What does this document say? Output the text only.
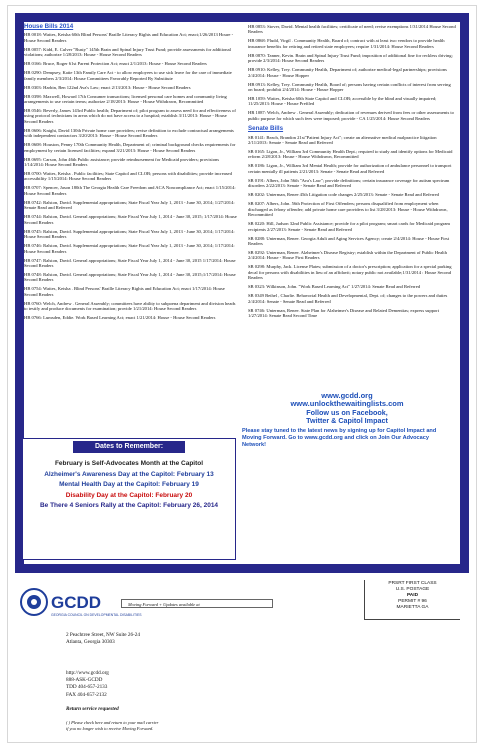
House Bills 2014
HB 0018: Waites, Keisha 60th Blind Persons' Braille Literacy Rights and Education Act; enact;1/26/2013 Houre - House Second Readers
HB 0057: Kidd, E. Culver "Rusty" 145th Brain and Spinal Injury Trust Fund; provide assessments for additional violations; authorize 1/28/2013: House - House Second Readers
HB 0166: Bruce, Roger 61st Parent Protection Act; enact 2/1/2013: House - House Second Readers
HB 0290: Dempsey, Katie 13th Family Care Act - to allow employees to use sick leave for the care of immediate family members 2/3/2014: House Committees Favorably Reported By Substitute
HB 0303: Harbin, Ben 122nd Ava's Law; enact 2/13/2013: House - House Second Readers
HB 0398: Maxwell, Howard 17th Consumer transactions; licensed personal care homes and community living arrangements to use certain terms; authorize 2/18/2013: House - House Withdrawn, Recommitted
HB 0546: Beverly, James 143rd Public health; Department of; pilot program to assess need for and effectiveness of using protocol technicians in areas which do not have access to a hospital; establish 3/11/2013: House - House Second Readers
HB 0606: Knight, David 130th Private home care providers; revise definition to exclude contractual arrangements with independent contractors 3/20/2013: House - House Second Readers
HB 0608: Houston, Penny 170th Community Health, Department of; criminal background checks requirements for employment by certain licensed facilities; expand 3/21/2013: House - House Second Readers
HB 0695: Carson, John 46th Public assistance; provide reimbursement for Medicaid providers; provisions 1/14/2014: House Second Readers
HB 0700: Waites, Keisha . Public facilities; State Capitol and CLOB; persons with disabilities; provide increased accessibility 1/15/2014: House Second Readers
HB 0707: Spencer, Jason 180th The Georgia Health Care Freedom and ACA Noncompliance Act; enact 1/15/2014: House Second Readers
HB 0742: Ralston, David. Supplemental appropriations; State Fiscal Year July 1, 2013 - June 30, 2014; 1/27/2014: Senate Read and Referred
HB 0744: Ralston, David. General appropriations; State Fiscal Year July 1, 2014 - June 30, 2015; 1/17/2014: House Second Readers
HB 0745: Ralston, David. Supplemental appropriations; State Fiscal Year July 1, 2013 - June 30, 2014; 1/17/2014: House Second Readers
HB 0746: Ralston, David. Supplemental appropriations; State Fiscal Year July 1, 2013 - June 30, 2014; 1/17/2014: House Second Readers
HB 0747: Ralston, David. General appropriations; State Fiscal Year July 1, 2014 - June 30, 2015 1/17/2014: House Second Readers
HB 0748: Ralston, David. General appropriations; State Fiscal Year July 1, 2014 - June 30, 2015;1/17/2014: House Second Readers
HB 0754: Waites, Keisha . Blind Persons' Braille Literacy Rights and Education Act; enact 1/17/2014: House Second Readers
HB 0760: Welch, Andrew . General Assembly; committees have ability to subpoena department and division heads to testify and produce documents for examination; provide 1/21/2014: House Second Readers
HB 0766: Lumsden, Eddie. Work Based Learning Act; enact 1/21/2014: House - House Second Readers
HB 0853: Stover, David. Mental health facilities; certificate of need; revise exemptions 1/31/2014 House Second Readers
HB 0868: Fludd, Virgil . Community Health, Board of; contract with at least two vendors to provide health insurance benefits for retiring and retired state employees; require 1/31/2014: House Second Readers
HB 0870: Tanner, Kevin. Brain and Spinal Injury Trust Fund; imposition of additional fine for reckless driving; provide 2/3/2014: House Second Readers
HB 0910: Kelley, Trey. Community Health, Department of; authorize medical-legal partnerships; provisions 2/4/2014: House - House Hopper
HB 0913: Kelley, Trey. Community Health, Board of; persons having certain conflicts of interest from serving on board; prohibit 2/4/2014: House - House Hopper
HB 1059: Waites, Keisha 60th State Capitol and CLOB; accessible by the blind and visually impaired; 11/25/2013: House - House Prefiled
HR 1087: Welch, Andrew . General Assembly; dedication of revenues derived from fees or other assessments to public purpose for which such fees were imposed; provide - CA 1/25/2014: House Second Readers
Senate Bills
SB 0141: Beach, Brandon 21st"Patient Injury Act"; create an alternative medical malpractice litigation 2/11/2013: Senate - Senate Read and Referred
SB 0165: Ligon, Jr., William 3rd Community Health Dept.; required to study and identify options for Medicaid reform 2/28/2013: House - House Withdrawn, Recommitted
SB 0186: Ligon, Jr., William 3rd Mental Health; provide for authorization of ambulance personnel to transport certain mentally ill patients 2/21/2013: Senate - Senate Read and Referred
SB 0191: Albers, John 56th "Ava's Law"; provide definitions; certain insurance coverage for autism spectrum disorders 2/22/2013: Senate - Senate Read and Referred
SB 0202: Unterman, Renee 45th Litigation code changes 2/25/2013: Senate - Senate Read and Referred
SB 0207: Albers, John. 56th Protection of First Offenders; persons disqualified from employment when discharged as felony offender; add private home care providers to list 3/28/2013: House - House Withdrawn, Recommitted
SB 0220: Hill, Judson 32nd Public Assistance; provide for a pilot program; smart cards for Medicaid program recipients 2/27/2013: Senate - Senate Read and Referred
SB 0288: Unterman, Renee. Georgia Adult and Aging Services Agency; create 2/4/2014: House - House First Readers
SB 0292: Unterman, Renee. Alzheimer's Disease Registry; establish within the Department of Public Health 2/4/2014: House - House First Readers
SB 0298: Murphy, Jack. License Plates; submission of a doctor's prescription; application for a special parking decal for persons with disabilities in lieu of an affidavit; notary public not available;1/31/2014 : House Second Readers
SB 0323: Wilkinson, John. "Work Based Learning Act" 1/27/2014: Senate Read and Referred
SB 0349 Bethel , Charlie. Behavorial Health and Developmental, Dept. of; changes to the powers and duties 2/4/2014: Senate - Senate Read and Referred
SR 0746: Unterman, Renee. State Plan for Alzheimer's Disease and Related Dementias; express support 1/27/2014: Senate Read Second Time
www.gcdd.org
www.unlockthewaitinglists.com
Follow us on Facebook,
Twitter & Capitol Impact
Please stay tuned to the latest news by signing up for Capitol Impact and Moving Forward. Go to www.gcdd.org and click on Join Our Advocacy Network!
Dates to Remember:
February is Self-Advocates Month at the Capitol
Alzheimer's Awareness Day at the Capitol: February 13
Mental Health Day at the Capitol: February 19
Disability Day at the Capitol: February 20
Be There 4 Seniors Rally at the Capitol: February 26, 2014
GCDD
GEORGIA COUNCIL ON DEVELOPMENTAL DISABILITIES
Moving Forward + Updates available at
2 Peachtree Street, NW Suite 26-24
Atlanta, Georgia 30303
http://www.gcdd.org
888-ASK-GCDD
TDD 404-657-2133
FAX 404-657-2132
Return service requested
( ) Please check here and return to your mail carrier
if you no longer wish to receive Moving Forward.
PRSRT FIRST CLASS
U.S. POSTAGE
PAID
PERMIT # 96
MARIETTA GA
